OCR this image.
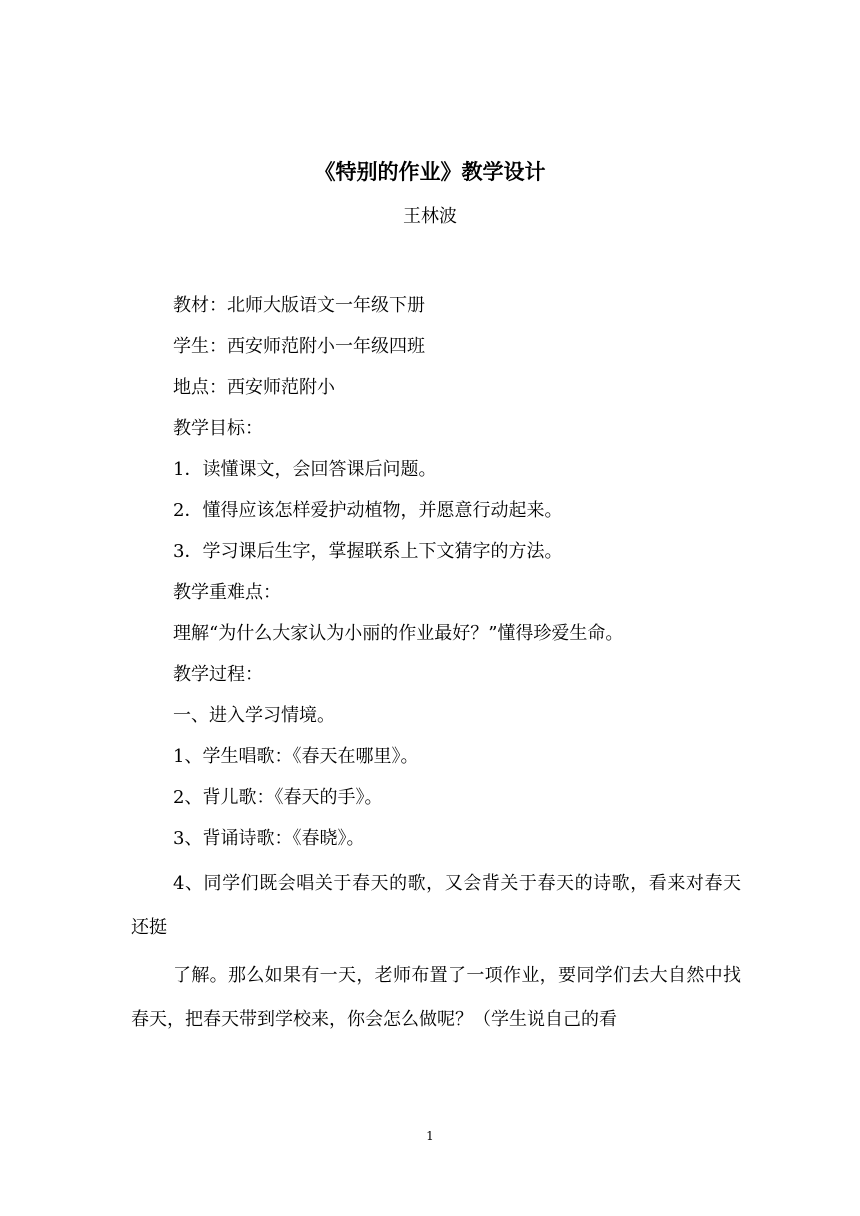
《特别的作业》教学设计
王林波
教材：北师大版语文一年级下册
学生：西安师范附小一年级四班
地点：西安师范附小
教学目标：
1．读懂课文，会回答课后问题。
2．懂得应该怎样爱护动植物，并愿意行动起来。
3．学习课后生字，掌握联系上下文猜字的方法。
教学重难点：
理解“为什么大家认为小丽的作业最好？”懂得珍爱生命。
教学过程：
一、进入学习情境。
1、学生唱歌：《春天在哪里》。
2、背儿歌：《春天的手》。
3、背诵诗歌：《春晓》。

4、同学们既会唱关于春天的歌，又会背关于春天的诗歌，看来对春天还挺

了解。那么如果有一天，老师布置了一项作业，要同学们去大自然中找春天，把春天带到学校来，你会怎么做呢？（学生说自己的看

1
